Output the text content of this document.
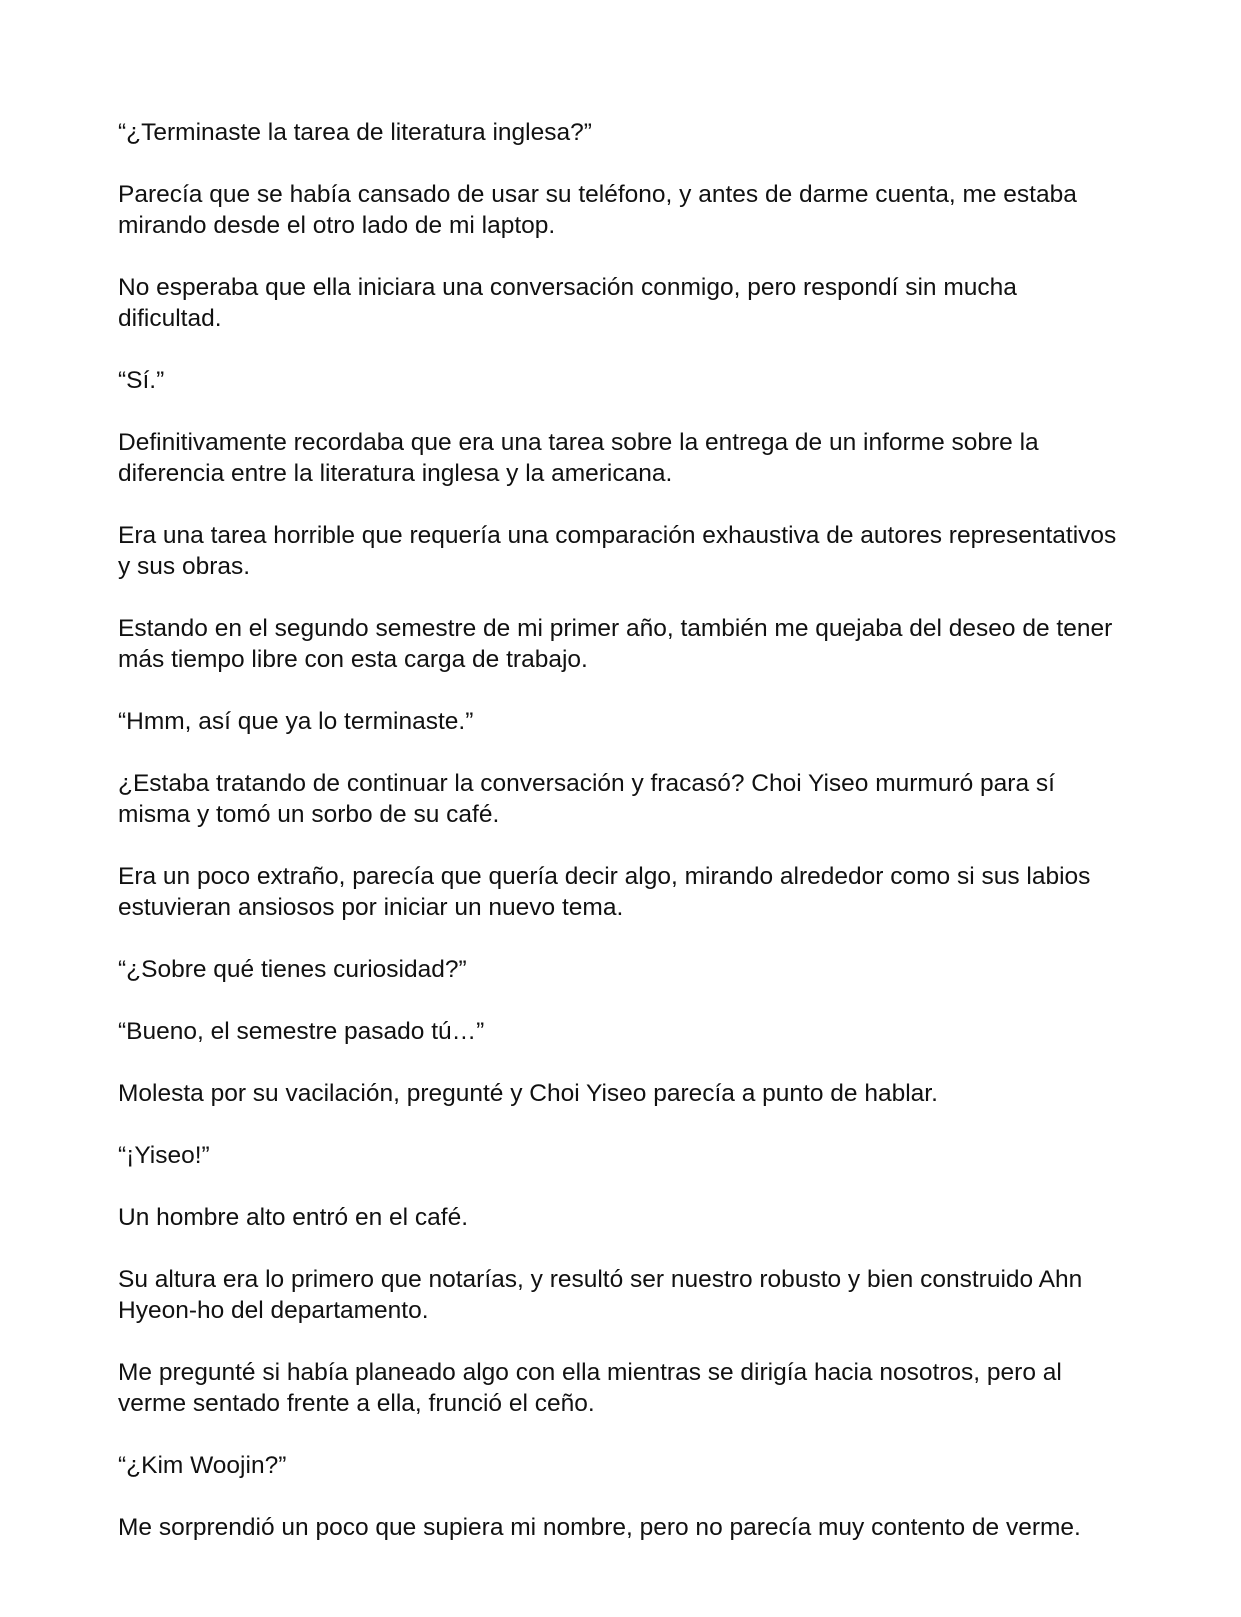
“¿Terminaste la tarea de literatura inglesa?”

Parecía que se había cansado de usar su teléfono, y antes de darme cuenta, me estaba mirando desde el otro lado de mi laptop.

No esperaba que ella iniciara una conversación conmigo, pero respondí sin mucha dificultad.

“Sí.”

Definitivamente recordaba que era una tarea sobre la entrega de un informe sobre la diferencia entre la literatura inglesa y la americana.

Era una tarea horrible que requería una comparación exhaustiva de autores representativos y sus obras.

Estando en el segundo semestre de mi primer año, también me quejaba del deseo de tener más tiempo libre con esta carga de trabajo.

“Hmm, así que ya lo terminaste.”

¿Estaba tratando de continuar la conversación y fracasó? Choi Yiseo murmuró para sí misma y tomó un sorbo de su café.

Era un poco extraño, parecía que quería decir algo, mirando alrededor como si sus labios estuvieran ansiosos por iniciar un nuevo tema.

“¿Sobre qué tienes curiosidad?”

“Bueno, el semestre pasado tú…”

Molesta por su vacilación, pregunté y Choi Yiseo parecía a punto de hablar.

“¡Yiseo!”

Un hombre alto entró en el café.

Su altura era lo primero que notarías, y resultó ser nuestro robusto y bien construido Ahn Hyeon-ho del departamento.

Me pregunté si había planeado algo con ella mientras se dirigía hacia nosotros, pero al verme sentado frente a ella, frunció el ceño.

“¿Kim Woojin?”

Me sorprendió un poco que supiera mi nombre, pero no parecía muy contento de verme.
